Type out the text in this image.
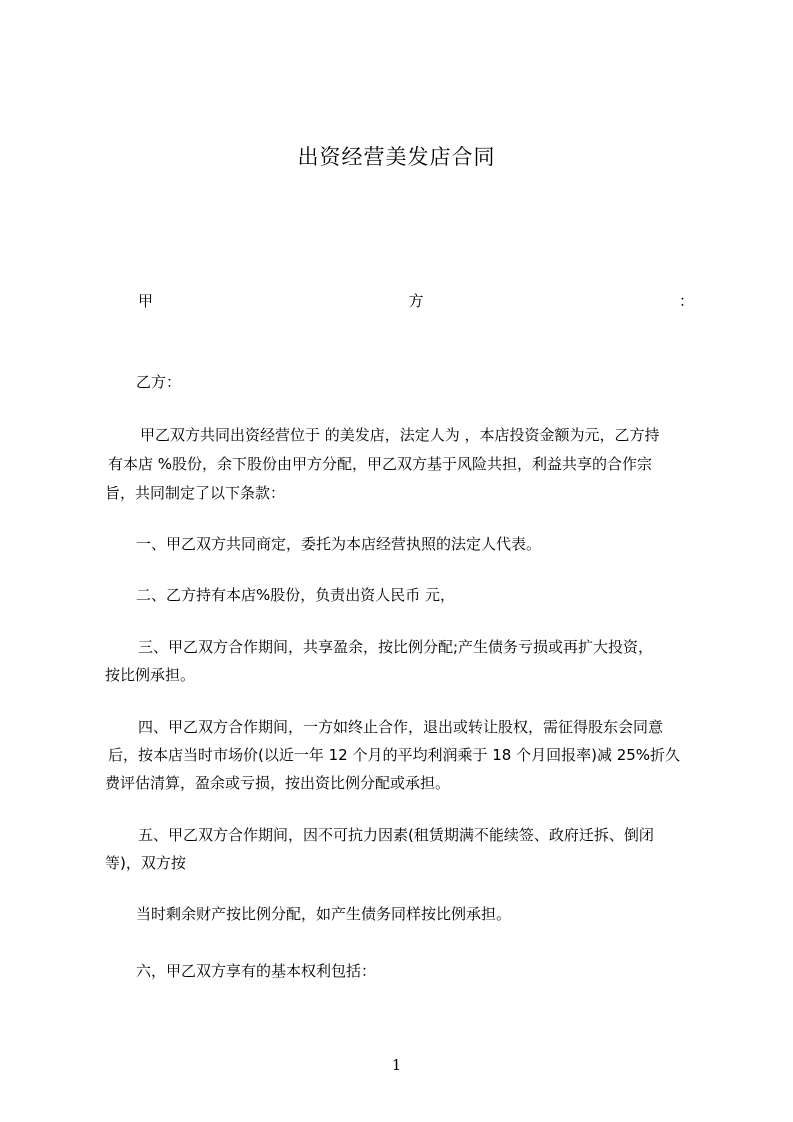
出资经营美发店合同
甲	方	：
乙方：
甲乙双方共同出资经营位于 的美发店，法定人为 ，本店投资金额为元，乙方持
有本店 %股份，余下股份由甲方分配，甲乙双方基于风险共担，利益共享的合作宗
旨，共同制定了以下条款：
一、甲乙双方共同商定，委托为本店经营执照的法定人代表。
二、乙方持有本店%股份，负责出资人民币 元，
三、甲乙双方合作期间，共享盈余，按比例分配;产生债务亏损或再扩大投资，
按比例承担。
四、甲乙双方合作期间，一方如终止合作，退出或转让股权，需征得股东会同意
后，按本店当时市场价(以近一年 12 个月的平均利润乘于 18 个月回报率)减 25%折久
费评估清算，盈余或亏损，按出资比例分配或承担。
五、甲乙双方合作期间，因不可抗力因素(租赁期满不能续签、政府迁拆、倒闭
等)，双方按
当时剩余财产按比例分配，如产生债务同样按比例承担。
六，甲乙双方享有的基本权利包括：
1
